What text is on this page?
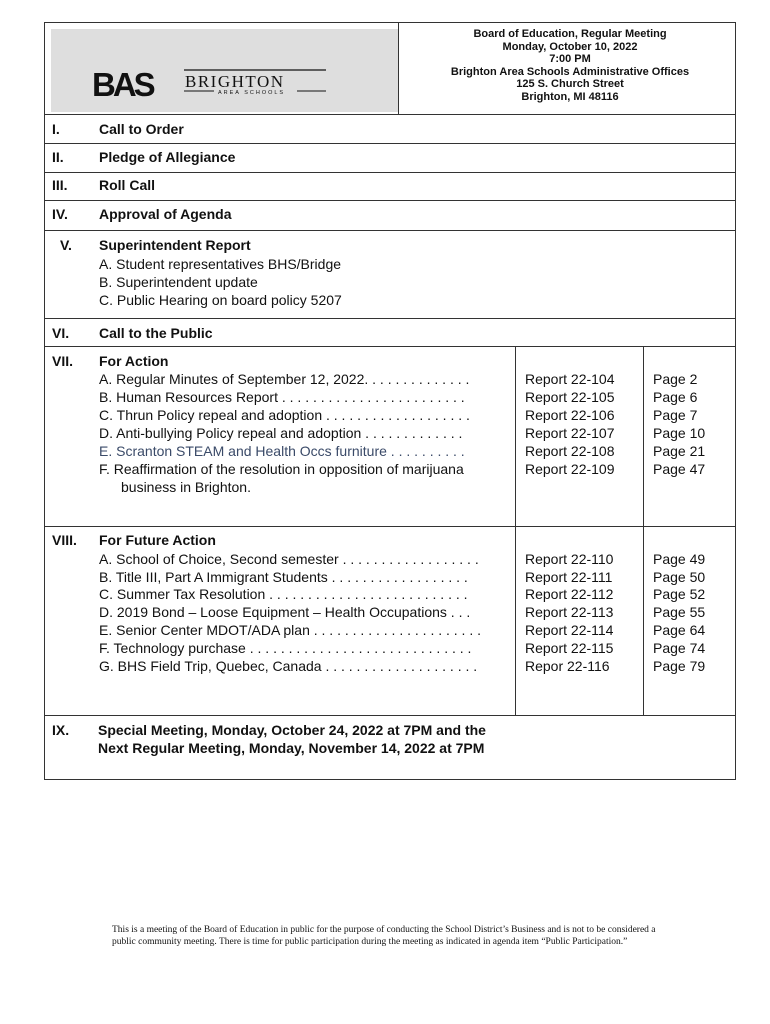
BAS BRIGHTON
AREA SCHOOLS
Board of Education, Regular Meeting
Monday, October 10, 2022
7:00 PM
Brighton Area Schools Administrative Offices
125 S. Church Street
Brighton, MI 48116
I.	Call to Order
II.	Pledge of Allegiance
III. Roll Call
IV. Approval of Agenda
V. Superintendent Report
A. Student representatives BHS/Bridge
B. Superintendent update
C. Public Hearing on board policy 5207
VI. Call to the Public
VII. For Action
A. Regular Minutes of September 12, 2022. . . . . . . . . . . . . .	Report 22-104	Page 2
B. Human Resources Report . . . . . . . . . . . . . . . . . . . . . . . .	Report 22-105	Page 6
C. Thrun Policy repeal and adoption . . . . . . . . . . . . . . . . . . .	Report 22-106	Page 7
D. Anti-bullying Policy repeal and adoption . . . . . . . . . . . . .	Report 22-107	Page 10
E. Scranton STEAM and Health Occs furniture . . . . . . . . . .	Report 22-108	Page 21
F. Reaffirmation of the resolution in opposition of marijuana	Report 22-109	Page 47
business in Brighton.
VIII. For Future Action
A. School of Choice, Second semester . . . . . . . . . . . . . . . . . .	Report 22-110	Page 49
B. Title III, Part A Immigrant Students . . . . . . . . . . . . . . . . . .	Report 22-111	Page 50
C. Summer Tax Resolution . . . . . . . . . . . . . . . . . . . . . . . . . .	Report 22-112	Page 52
D. 2019 Bond – Loose Equipment – Health Occupations . . .	Report 22-113	Page 55
E. Senior Center MDOT/ADA plan . . . . . . . . . . . . . . . . . . . . . .	Report 22-114	Page 64
F. Technology purchase . . . . . . . . . . . . . . . . . . . . . . . . . . . . .	Report 22-115	Page 74
G. BHS Field Trip, Quebec, Canada . . . . . . . . . . . . . . . . . . . .	Repor 22-116	Page 79
IX. Special Meeting, Monday, October 24, 2022 at 7PM and the
Next Regular Meeting, Monday, November 14, 2022 at 7PM
This is a meeting of the Board of Education in public for the purpose of conducting the School District’s Business and is not to be considered a public community meeting. There is time for public participation during the meeting as indicated in agenda item “Public Participation.”
